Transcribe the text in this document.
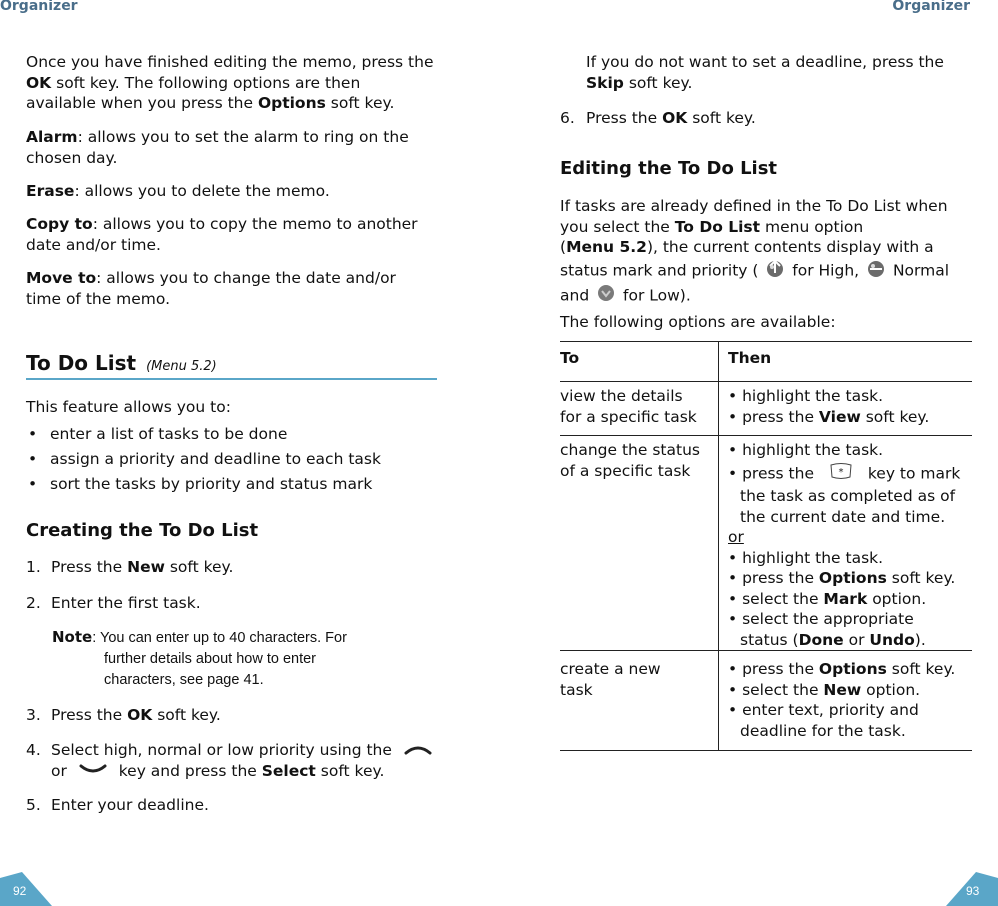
Organizer
Once you have finished editing the memo, press the
OK soft key. The following options are then
available when you press the Options soft key.
Alarm: allows you to set the alarm to ring on the
chosen day.
Erase: allows you to delete the memo.
Copy to: allows you to copy the memo to another
date and/or time.
Move to: allows you to change the date and/or
time of the memo.
To Do List (Menu 5.2)
This feature allows you to:
• enter a list of tasks to be done
• assign a priority and deadline to each task
• sort the tasks by priority and status mark
Creating the To Do List
1. Press the New soft key.
2. Enter the first task.
Note: You can enter up to 40 characters. For
further details about how to enter
characters, see page 41.
3. Press the OK soft key.
4. Select high, normal or low priority using the
or	key and press the Select soft key.
5. Enter your deadline.
92
Organizer
If you do not want to set a deadline, press the
Skip soft key.
6. Press the OK soft key.
Editing the To Do List
If tasks are already defined in the To Do List when
you select the To Do List menu option
(Menu 5.2), the current contents display with a
status mark and priority (  for High,  Normal
and  for Low).
The following options are available:
To	Then
view the details
for a specific task
• highlight the task.
• press the View soft key.
change the status
of a specific task
• highlight the task.
• press the * key to mark
the task as completed as of
the current date and time.
or
• highlight the task.
• press the Options soft key.
• select the Mark option.
• select the appropriate
status (Done or Undo).
create a new
task
• press the Options soft key.
• select the New option.
• enter text, priority and
deadline for the task.
93
